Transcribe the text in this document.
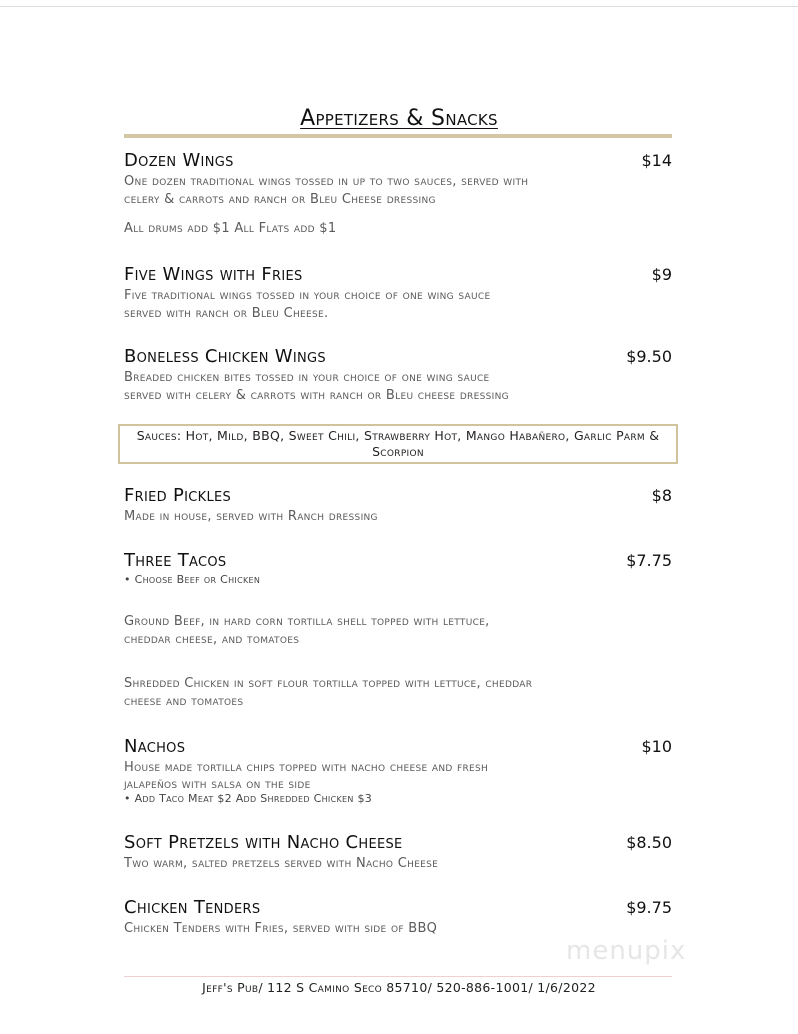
Appetizers & Snacks
Dozen Wings	$14
One dozen traditional wings tossed in up to two sauces, served with
celery & carrots and ranch or Bleu Cheese dressing
All drums add $1 All Flats add $1
Five Wings with Fries	$9
Five traditional wings tossed in your choice of one wing sauce
served with ranch or Bleu Cheese.
Boneless Chicken Wings	$9.50
Breaded chicken bites tossed in your choice of one wing sauce
served with celery & carrots with ranch or Bleu cheese dressing
Sauces: Hot, Mild, BBQ, Sweet Chili, Strawberry Hot, Mango Habañero, Garlic Parm & Scorpion
Fried Pickles	$8
Made in house, served with Ranch dressing
Three Tacos	$7.75
• Choose Beef or Chicken
Ground Beef, in hard corn tortilla shell topped with lettuce,
cheddar cheese, and tomatoes
Shredded Chicken in soft flour tortilla topped with lettuce, cheddar
cheese and tomatoes
Nachos	$10
House made tortilla chips topped with nacho cheese and fresh
jalapeños with salsa on the side
• Add Taco Meat $2 Add Shredded Chicken $3
Soft Pretzels with Nacho Cheese	$8.50
Two warm, salted pretzels served with Nacho Cheese
Chicken Tenders	$9.75
Chicken Tenders with Fries, served with side of BBQ
menupix
Jeff's Pub/ 112 S Camino Seco 85710/ 520-886-1001/ 1/6/2022
